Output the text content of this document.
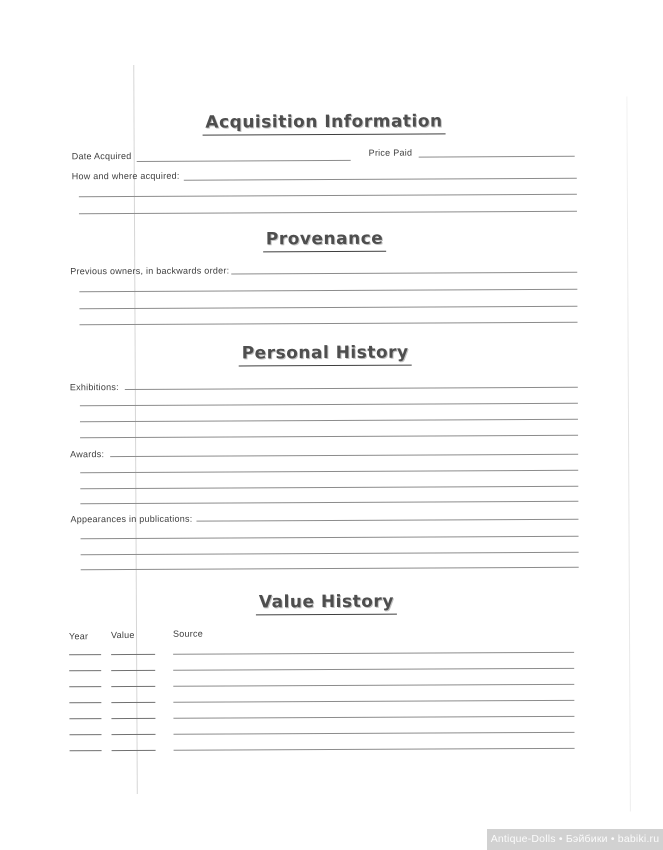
Acquisition Information
Date Acquired	Price Paid
How and where acquired:
Provenance
Previous owners, in backwards order:
Personal History
Exhibitions:
Awards:
Appearances in publications:
Value History
Year	Value	Source
Antique-Dolls • Бэйбики • babiki.ru
